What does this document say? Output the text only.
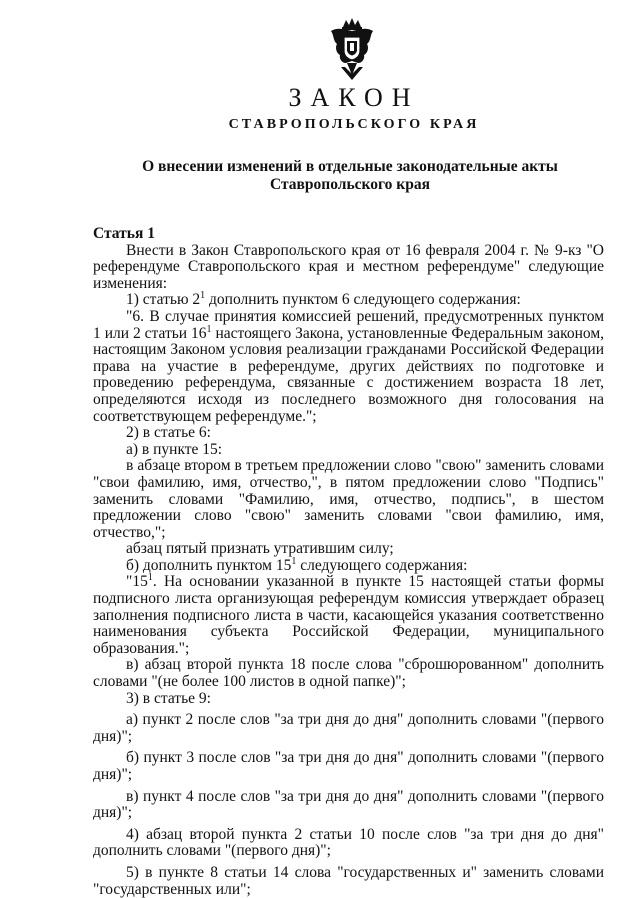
ЗАКОН
СТАВРОПОЛЬСКОГО КРАЯ
О внесении изменений в отдельные законодательные акты
Ставропольского края
Статья 1

Внести в Закон Ставропольского края от 16 февраля 2004 г. № 9-кз "О референдуме Ставропольского края и местном референдуме" следующие изменения:

1) статью $2^1$ дополнить пунктом 6 следующего содержания:

"6. В случае принятия комиссией решений, предусмотренных пунктом 1 или 2 статьи $16^1$ настоящего Закона, установленные Федеральным законом, настоящим Законом условия реализации гражданами Российской Федерации права на участие в референдуме, других действиях по подготовке и проведению референдума, связанные с достижением возраста 18 лет, определяются исходя из последнего возможного дня голосования на соответствующем референдуме.";

2) в статье 6:

а) в пункте 15:

в абзаце втором в третьем предложении слово "свою" заменить словами "свои фамилию, имя, отчество,", в пятом предложении слово "Подпись" заменить словами "Фамилию, имя, отчество, подпись", в шестом предложении слово "свою" заменить словами "свои фамилию, имя, отчество,";

абзац пятый признать утратившим силу;

б) дополнить пунктом $15^1$ следующего содержания:

"$15^1$. На основании указанной в пункте 15 настоящей статьи формы подписного листа организующая референдум комиссия утверждает образец заполнения подписного листа в части, касающейся указания соответственно наименования субъекта Российской Федерации, муниципального образования.";

в) абзац второй пункта 18 после слова "сброшюрованном" дополнить словами "(не более 100 листов в одной папке)";

3) в статье 9:

а) пункт 2 после слов "за три дня до дня" дополнить словами "(первого дня)";

б) пункт 3 после слов "за три дня до дня" дополнить словами "(первого дня)";

в) пункт 4 после слов "за три дня до дня" дополнить словами "(первого дня)";

4) абзац второй пункта 2 статьи 10 после слов "за три дня до дня" дополнить словами "(первого дня)";

5) в пункте 8 статьи 14 слова "государственных и" заменить словами "государственных или";
